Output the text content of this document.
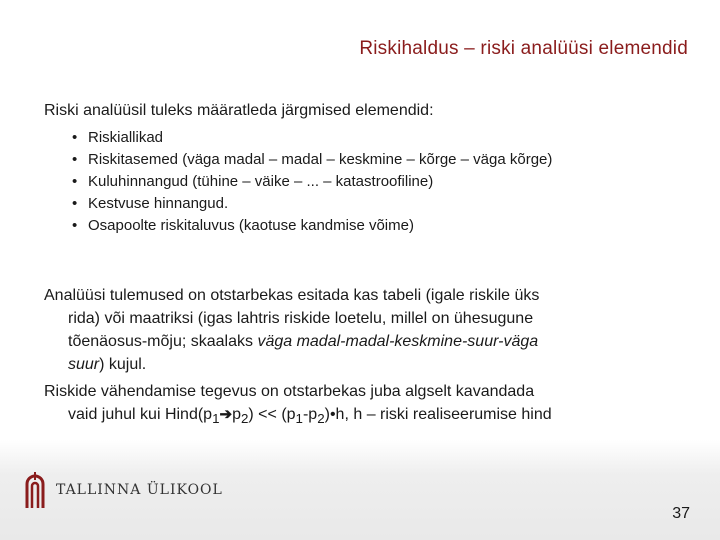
Riskihaldus – riski analüüsi elemendid
Riski analüüsil tuleks määratleda järgmised elemendid:
• Riskiallikad
• Riskitasemed (väga madal – madal – keskmine – kõrge – väga kõrge)
• Kuluhinnangud (tühine – väike – ... – katastroofiline)
• Kestvuse hinnangud.
• Osapoolte riskitaluvus (kaotuse kandmise võime)
Analüüsi tulemused on otstarbekas esitada kas tabeli (igale riskile üks
rida) või maatriksi (igas lahtris riskide loetelu, millel on ühesugune
tõenäosus-mõju; skaalaks väga madal-madal-keskmine-suur-väga
suur) kujul.
Riskide vähendamise tegevus on otstarbekas juba algselt kavandada
vaid juhul kui $Hind(p_1➔p_2)$ << $(p_1-p_2)•h$, h – riski realiseerumise hind
TALLINNA ÜLIKOOL
37
